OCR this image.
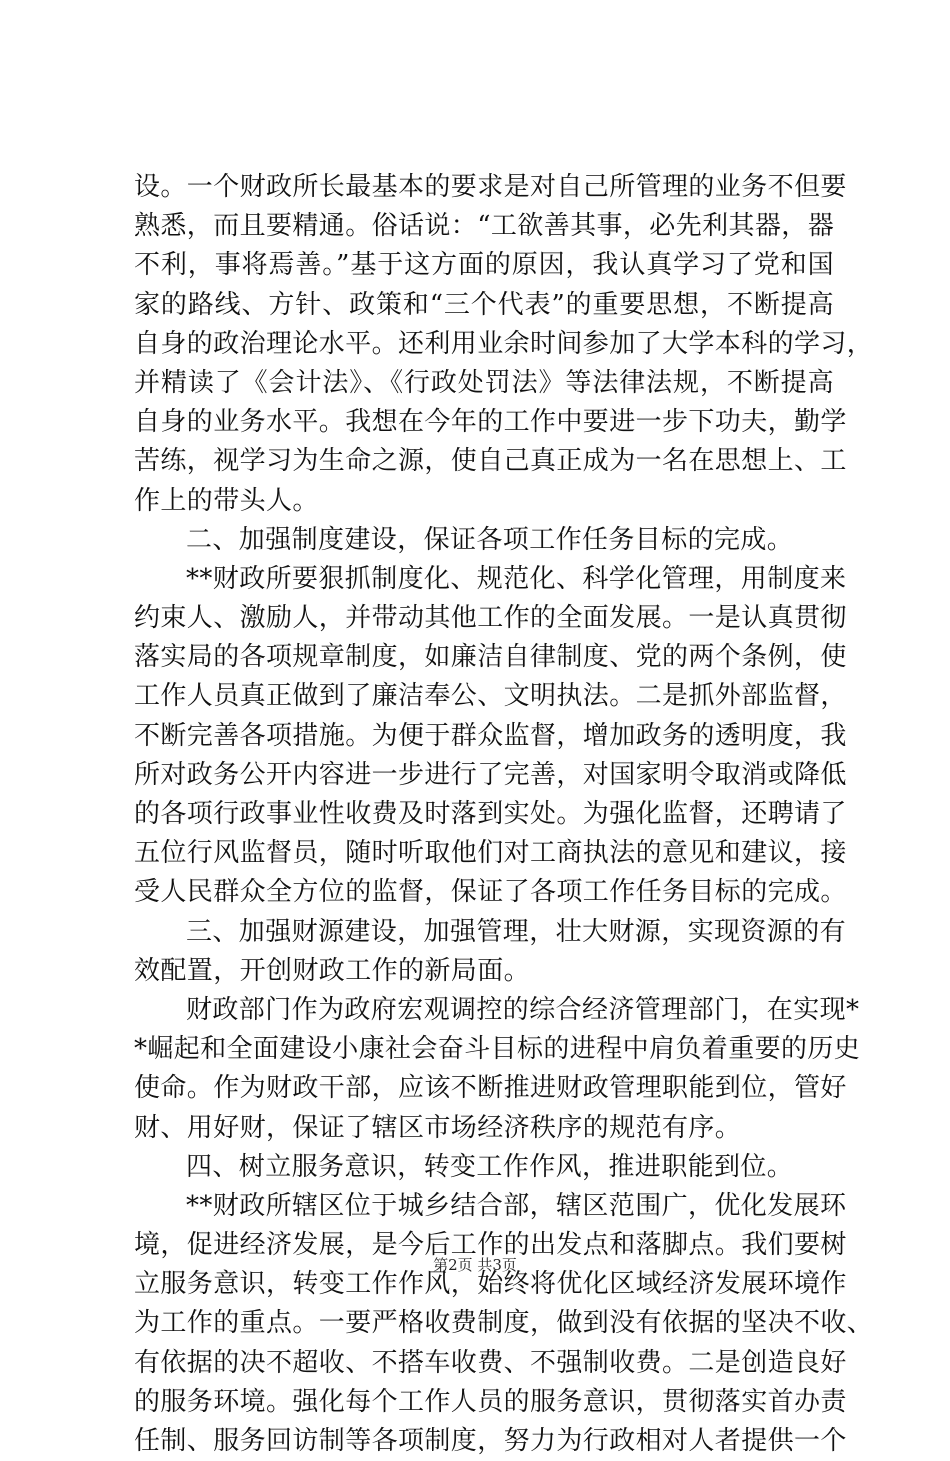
设。一个财政所长最基本的要求是对自己所管理的业务不但要
熟悉，而且要精通。俗话说：“工欲善其事，必先利其器，器
不利，事将焉善。”基于这方面的原因，我认真学习了党和国
家的路线、方针、政策和“三个代表”的重要思想，不断提高
自身的政治理论水平。还利用业余时间参加了大学本科的学习，
并精读了《会计法》、《行政处罚法》等法律法规，不断提高
自身的业务水平。我想在今年的工作中要进一步下功夫，勤学
苦练，视学习为生命之源，使自己真正成为一名在思想上、工
作上的带头人。
二、加强制度建设，保证各项工作任务目标的完成。
**财政所要狠抓制度化、规范化、科学化管理，用制度来
约束人、激励人，并带动其他工作的全面发展。一是认真贯彻
落实局的各项规章制度，如廉洁自律制度、党的两个条例，使
工作人员真正做到了廉洁奉公、文明执法。二是抓外部监督，
不断完善各项措施。为便于群众监督，增加政务的透明度，我
所对政务公开内容进一步进行了完善，对国家明令取消或降低
的各项行政事业性收费及时落到实处。为强化监督，还聘请了
五位行风监督员，随时听取他们对工商执法的意见和建议，接
受人民群众全方位的监督，保证了各项工作任务目标的完成。
三、加强财源建设，加强管理，壮大财源，实现资源的有
效配置，开创财政工作的新局面。
财政部门作为政府宏观调控的综合经济管理部门，在实现*
*崛起和全面建设小康社会奋斗目标的进程中肩负着重要的历史
使命。作为财政干部，应该不断推进财政管理职能到位，管好
财、用好财，保证了辖区市场经济秩序的规范有序。
四、树立服务意识，转变工作作风，推进职能到位。
**财政所辖区位于城乡结合部，辖区范围广，优化发展环
境，促进经济发展，是今后工作的出发点和落脚点。我们要树
立服务意识，转变工作作风，始终将优化区域经济发展环境作
为工作的重点。一要严格收费制度，做到没有依据的坚决不收、
有依据的决不超收、不搭车收费、不强制收费。二是创造良好
的服务环境。强化每个工作人员的服务意识，贯彻落实首办责
任制、服务回访制等各项制度，努力为行政相对人者提供一个
第2页 共3页
